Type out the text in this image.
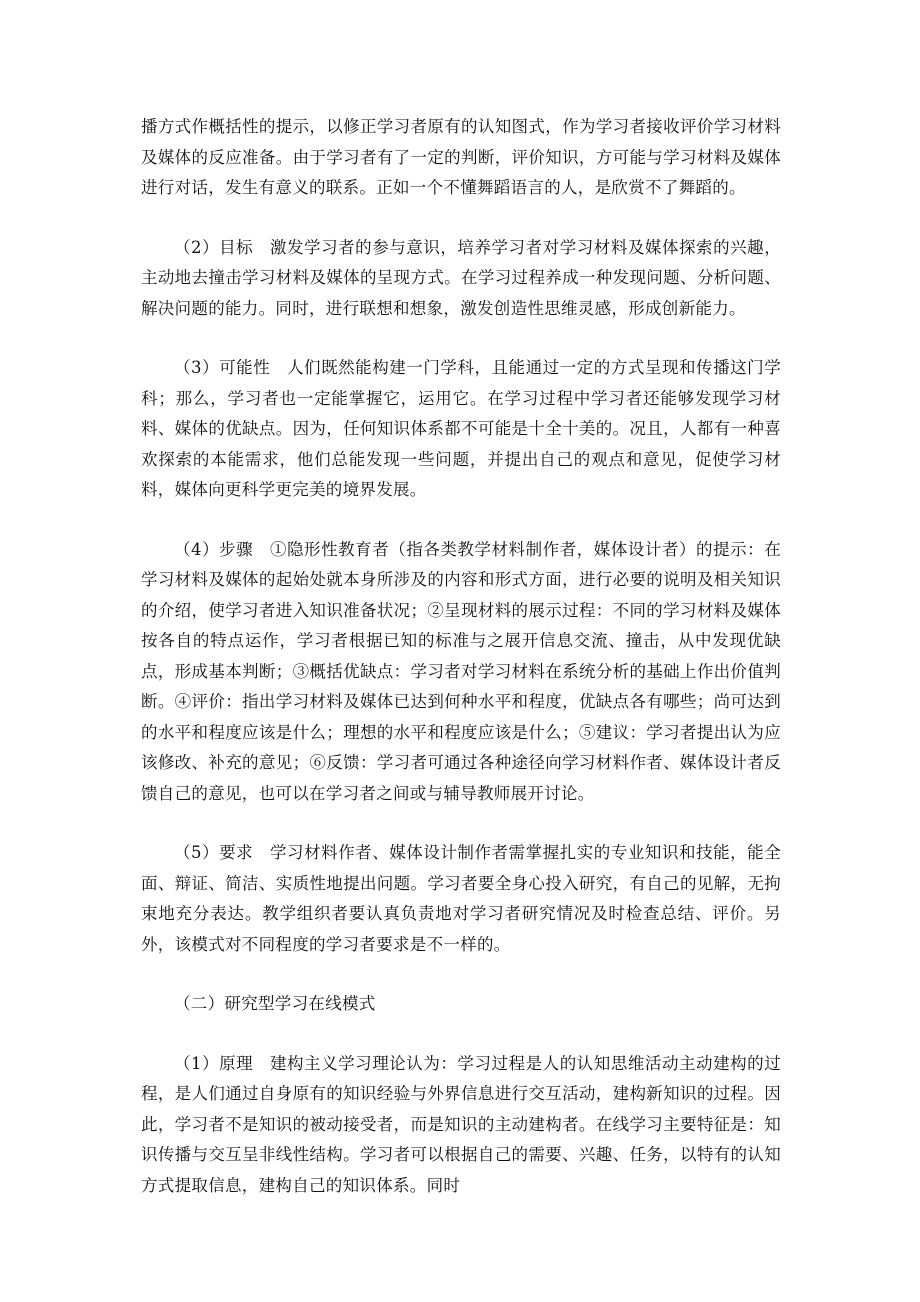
播方式作概括性的提示，以修正学习者原有的认知图式，作为学习者接收评价学习材料及媒体的反应准备。由于学习者有了一定的判断，评价知识，方可能与学习材料及媒体进行对话，发生有意义的联系。正如一个不懂舞蹈语言的人，是欣赏不了舞蹈的。

（2）目标 激发学习者的参与意识，培养学习者对学习材料及媒体探索的兴趣，主动地去撞击学习材料及媒体的呈现方式。在学习过程养成一种发现问题、分析问题、解决问题的能力。同时，进行联想和想象，激发创造性思维灵感，形成创新能力。

（3）可能性 人们既然能构建一门学科，且能通过一定的方式呈现和传播这门学科；那么，学习者也一定能掌握它，运用它。在学习过程中学习者还能够发现学习材料、媒体的优缺点。因为，任何知识体系都不可能是十全十美的。况且，人都有一种喜欢探索的本能需求，他们总能发现一些问题，并提出自己的观点和意见，促使学习材料，媒体向更科学更完美的境界发展。

（4）步骤 ①隐形性教育者（指各类教学材料制作者，媒体设计者）的提示：在学习材料及媒体的起始处就本身所涉及的内容和形式方面，进行必要的说明及相关知识的介绍，使学习者进入知识准备状况；②呈现材料的展示过程：不同的学习材料及媒体按各自的特点运作，学习者根据已知的标准与之展开信息交流、撞击，从中发现优缺点，形成基本判断；③概括优缺点：学习者对学习材料在系统分析的基础上作出价值判断。④评价：指出学习材料及媒体已达到何种水平和程度，优缺点各有哪些；尚可达到的水平和程度应该是什么；理想的水平和程度应该是什么；⑤建议：学习者提出认为应该修改、补充的意见；⑥反馈：学习者可通过各种途径向学习材料作者、媒体设计者反馈自己的意见，也可以在学习者之间或与辅导教师展开讨论。

（5）要求 学习材料作者、媒体设计制作者需掌握扎实的专业知识和技能，能全面、辩证、简洁、实质性地提出问题。学习者要全身心投入研究，有自己的见解，无拘束地充分表达。教学组织者要认真负责地对学习者研究情况及时检查总结、评价。另外，该模式对不同程度的学习者要求是不一样的。

（二）研究型学习在线模式

（1）原理 建构主义学习理论认为：学习过程是人的认知思维活动主动建构的过程，是人们通过自身原有的知识经验与外界信息进行交互活动，建构新知识的过程。因此，学习者不是知识的被动接受者，而是知识的主动建构者。在线学习主要特征是：知识传播与交互呈非线性结构。学习者可以根据自己的需要、兴趣、任务，以特有的认知方式提取信息，建构自己的知识体系。同时
